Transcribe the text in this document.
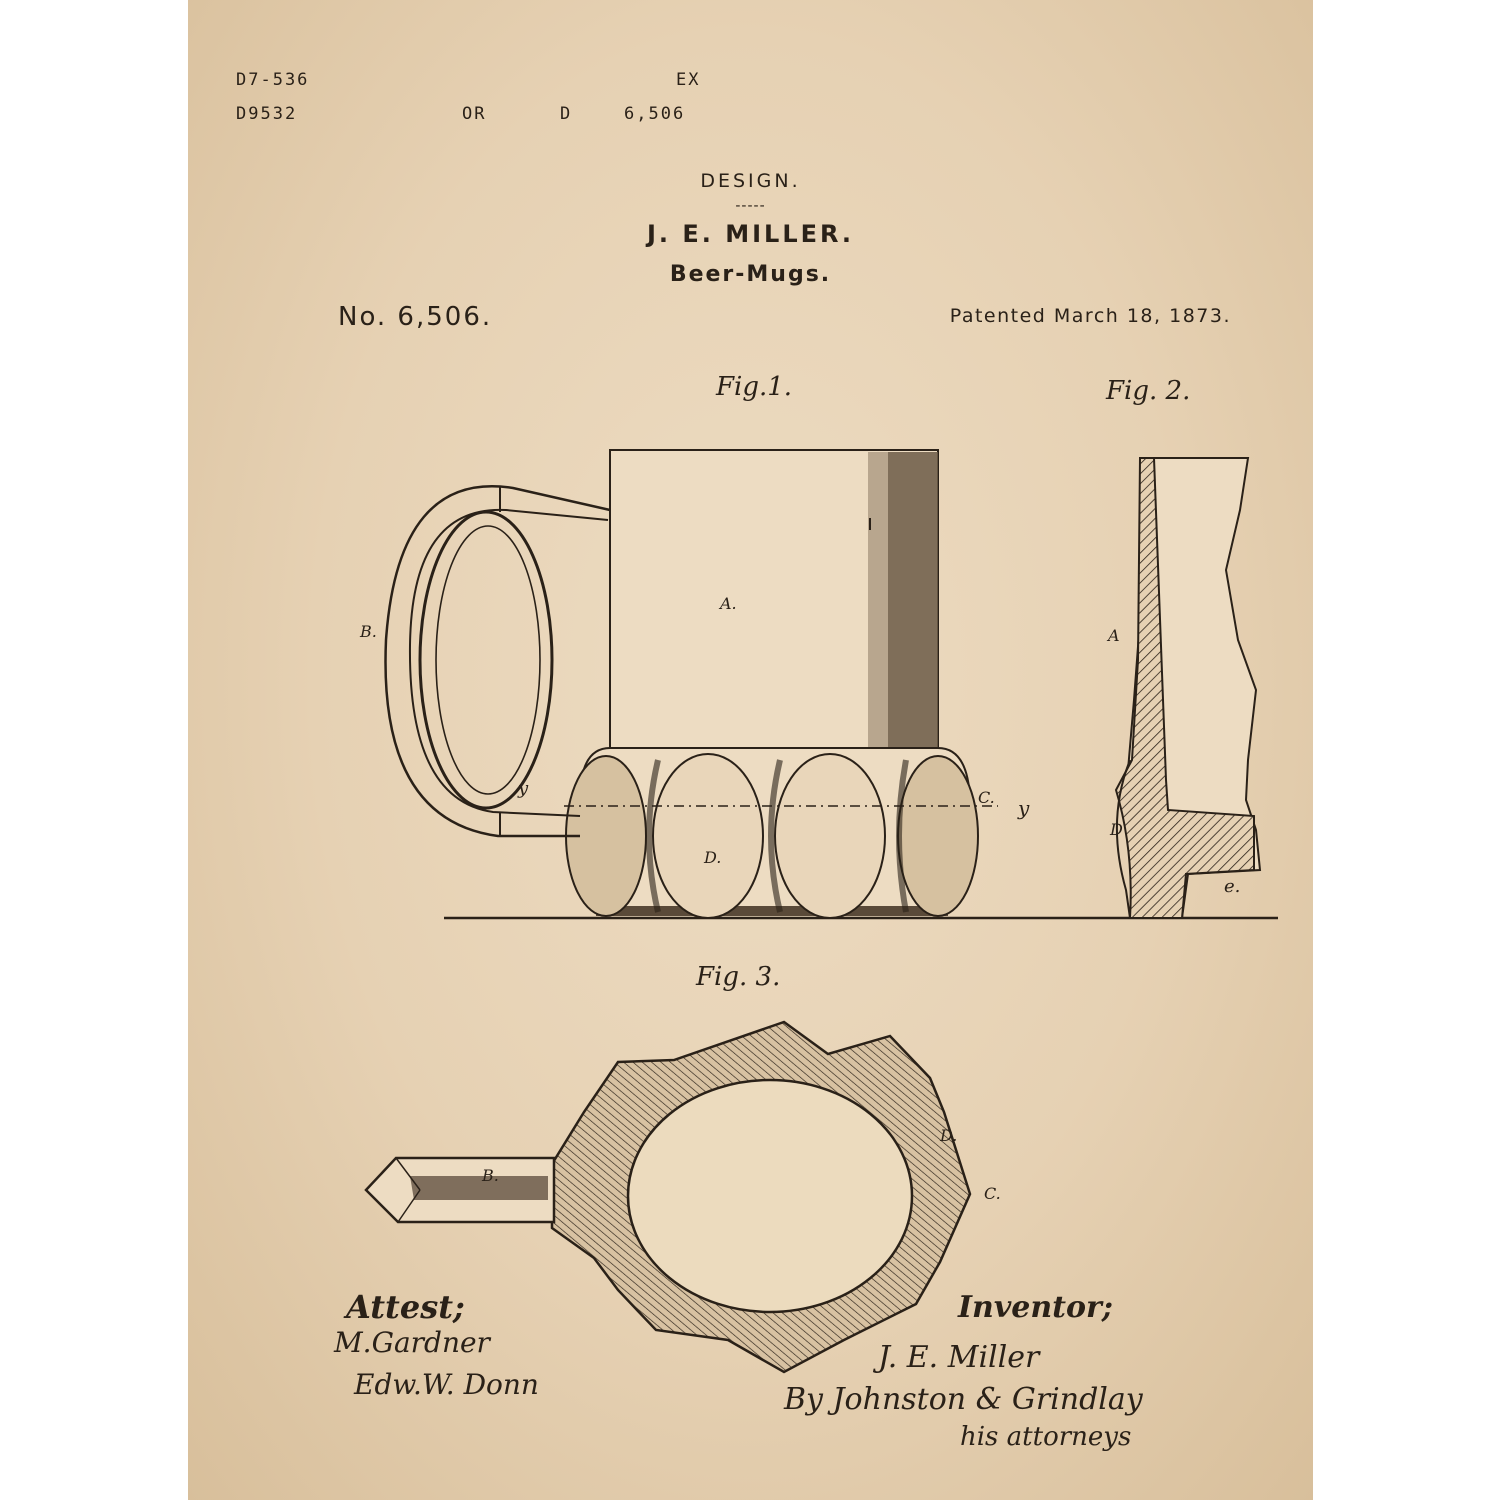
D7-536	EX
D9532	OR	D	6,506
DESIGN.
-----
J. E. MILLER.
Beer-Mugs.
No. 6,506.	Patented March 18, 1873.
Fig.1.	Fig. 2.
Fig. 3.
A.
B.
D.
C.
y
y
A
D
e.
B.
D.
C.
Attest;
M.Gardner
Edw.W. Donn
Inventor;
J. E. Miller
By Johnston & Grindlay
his attorneys
